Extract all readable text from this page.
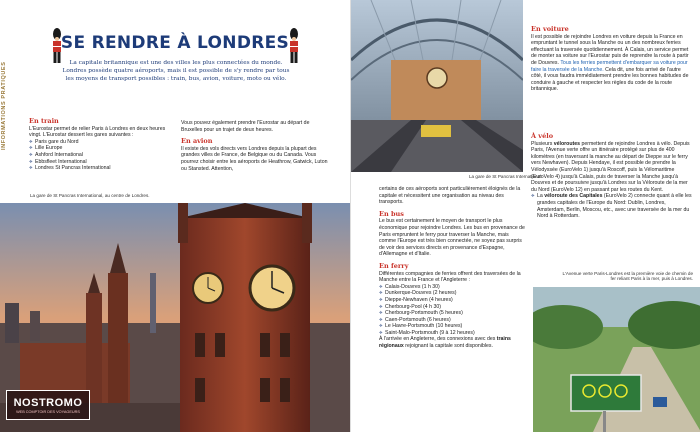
INFORMATIONS PRATIQUES
SE RENDRE À LONDRES
La capitale britannique est une des villes les plus connectées du monde. Londres possède quatre aéroports, mais il est possible de s'y rendre par tous les moyens de transport possibles : train, bus, avion, voiture, moto ou vélo.
En train
L'Eurostar permet de relier Paris à Londres en deux heures vingt. L'Eurostar dessert les gares suivantes :
✈ Paris gare du Nord
✈ Lille Europe
✈ Ashford International
✈ Ebbsfleet International
✈ Londres St Pancras International
Vous pouvez également prendre l'Eurostar au départ de Bruxelles pour un trajet de deux heures.
En avion
Il existe des vols directs vers Londres depuis la plupart des grandes villes de France, de Belgique ou du Canada. Vous pourrez choisir entre les aéroports de Heathrow, Gatwick, Luton ou Stansted. Attention,
La gare de St Pancras International, au centre de Londres.
NOSTROMO
WEB COMPTOIR DES VOYAGEURS
La gare de St Pancras International.
En voiture
Il est possible de rejoindre Londres en voiture depuis la France en empruntant le tunnel sous la Manche ou un des nombreux ferries effectuant la traversée quotidiennement. À Calais, un service permet de monter sa voiture sur l'Eurostar puis de reprendre la route à partir de Douvres. Tous les ferries permettent d'embarquer sa voiture pour faire la traversée de la Manche. Cela dit, une fois arrivé de l'autre côté, il vous faudra immédiatement prendre les bonnes habitudes de conduire à gauche et respecter les règles du code de la route britannique.
À vélo
Plusieurs véloroutes permettent de rejoindre Londres à vélo. Depuis Paris, l'Avenue verte offre un itinéraire protégé sur plus de 400 kilomètres (en traversant la manche au départ de Dieppe sur le ferry vers Newhaven). Depuis Hendaye, il est possible de prendre la Vélodyssée (EuroVelo 1) jusqu'à Roscoff, puis la Vélomaritime (EuroVelo 4) jusqu'à Calais, puis de traverser la Manche jusqu'à Douvres et de poursuivre jusqu'à Londres sur la Véloroute de la mer du Nord (EuroVelo 12) en passant par les routes du Kent.
✈ La véloroute des Capitales (EuroVelo 2) connecte quant à elle les grandes capitales de l'Europe du Nord: Dublin, Londres, Amsterdam, Berlin, Moscou, etc., avec une traversée de la mer du Nord à Rotterdam.
L'Avenue verte Paris-Londres est la première voie de chemin de fer reliant Paris à la mer, puis à Londres.
certains de ces aéroports sont particulièrement éloignés de la capitale et nécessitent une organisation au niveau des transports.
En bus
Le bus est certainement le moyen de transport le plus économique pour rejoindre Londres. Les bus en provenance de Paris empruntent le ferry pour traverser la Manche, mais comme l'Europe est très bien connectée, ne soyez pas surpris de voir des services directs en provenance d'Espagne, d'Allemagne et d'Italie.
En ferry
Différentes compagnies de ferries offrent des traversées de la Manche entre la France et l'Angleterre :
✈ Calais-Douvres (1 h 30)
✈ Dunkerque-Douvres (2 heures)
✈ Dieppe-Newhaven (4 heures)
✈ Cherbourg-Pool (4 h 30)
✈ Cherbourg-Portsmouth (5 heures)
✈ Caen-Portsmouth (6 heures)
✈ Le Havre-Portsmouth (10 heures)
✈ Saint-Malo-Portsmouth (9 à 12 heures)
À l'arrivée en Angleterre, des connexions avec des trains régionaux rejoignant la capitale sont disponibles.
